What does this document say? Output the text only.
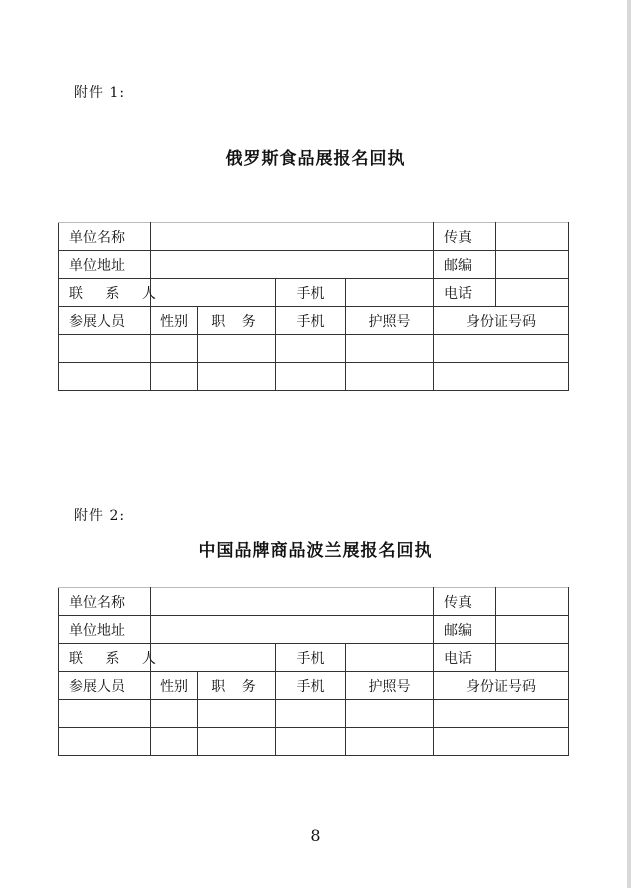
附件 1:
俄罗斯食品展报名回执
单位名称					传真	
单位地址					邮编	
联 系 人			手机		电话	
参展人员	性别	职 务	手机	护照号	身份证号码	

附件 2:
中国品牌商品波兰展报名回执
单位名称					传真	
单位地址					邮编	
联 系 人			手机		电话	
参展人员	性别	职 务	手机	护照号	身份证号码	

8
